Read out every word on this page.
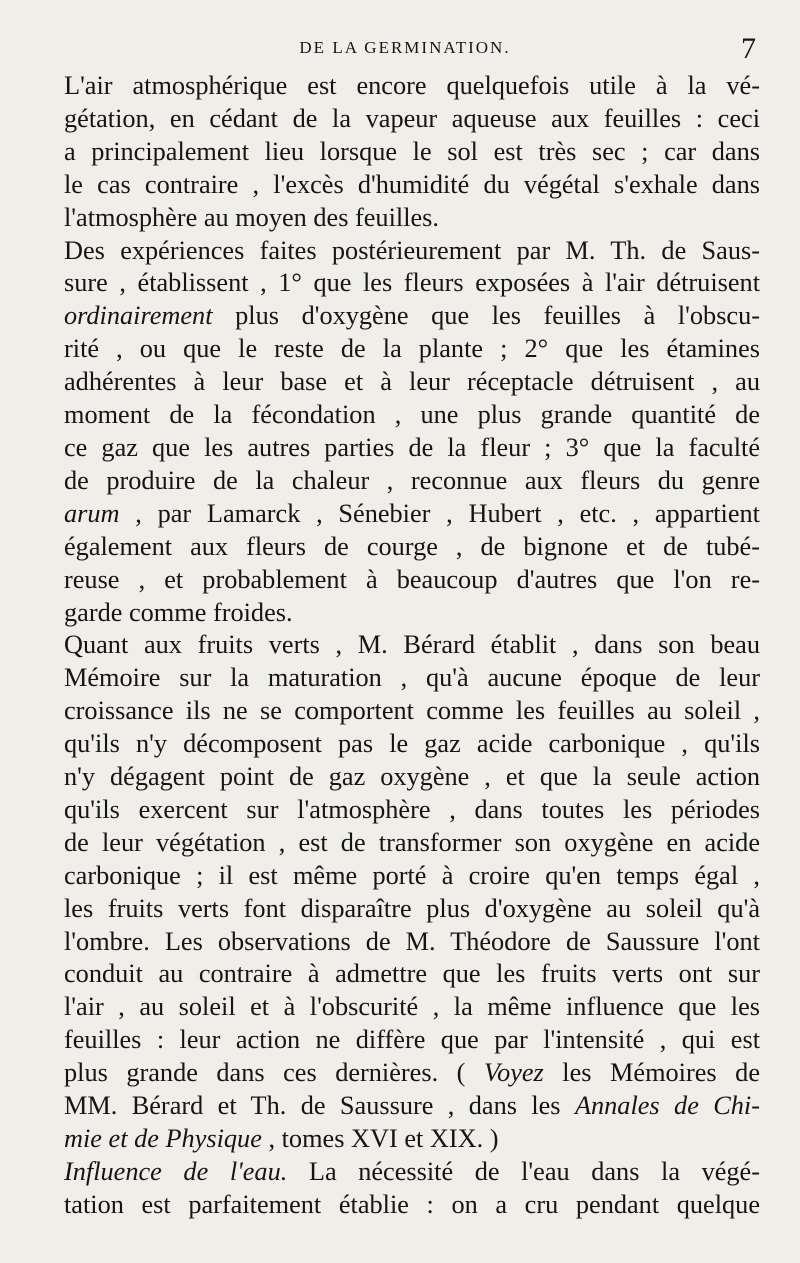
DE LA GERMINATION.	7

L'air atmosphérique est encore quelquefois utile à la vé-
gétation, en cédant de la vapeur aqueuse aux feuilles : ceci
a principalement lieu lorsque le sol est très sec ; car dans
le cas contraire , l'excès d'humidité du végétal s'exhale dans
l'atmosphère au moyen des feuilles.

Des expériences faites postérieurement par M. Th. de Saus-
sure , établissent , 1° que les fleurs exposées à l'air détruisent
ordinairement plus d'oxygène que les feuilles à l'obscu-
rité , ou que le reste de la plante ; 2° que les étamines
adhérentes à leur base et à leur réceptacle détruisent , au
moment de la fécondation , une plus grande quantité de
ce gaz que les autres parties de la fleur ; 3° que la faculté
de produire de la chaleur , reconnue aux fleurs du genre
arum , par Lamarck , Sénebier , Hubert , etc. , appartient
également aux fleurs de courge , de bignone et de tubé-
reuse , et probablement à beaucoup d'autres que l'on re-
garde comme froides.

Quant aux fruits verts , M. Bérard établit , dans son beau
Mémoire sur la maturation , qu'à aucune époque de leur
croissance ils ne se comportent comme les feuilles au soleil ,
qu'ils n'y décomposent pas le gaz acide carbonique , qu'ils
n'y dégagent point de gaz oxygène , et que la seule action
qu'ils exercent sur l'atmosphère , dans toutes les périodes
de leur végétation , est de transformer son oxygène en acide
carbonique ; il est même porté à croire qu'en temps égal ,
les fruits verts font disparaître plus d'oxygène au soleil qu'à
l'ombre. Les observations de M. Théodore de Saussure l'ont
conduit au contraire à admettre que les fruits verts ont sur
l'air , au soleil et à l'obscurité , la même influence que les
feuilles : leur action ne diffère que par l'intensité , qui est
plus grande dans ces dernières. ( Voyez les Mémoires de
MM. Bérard et Th. de Saussure , dans les Annales de Chi-
mie et de Physique , tomes XVI et XIX. )

Influence de l'eau. La nécessité de l'eau dans la végé-
tation est parfaitement établie : on a cru pendant quelque
